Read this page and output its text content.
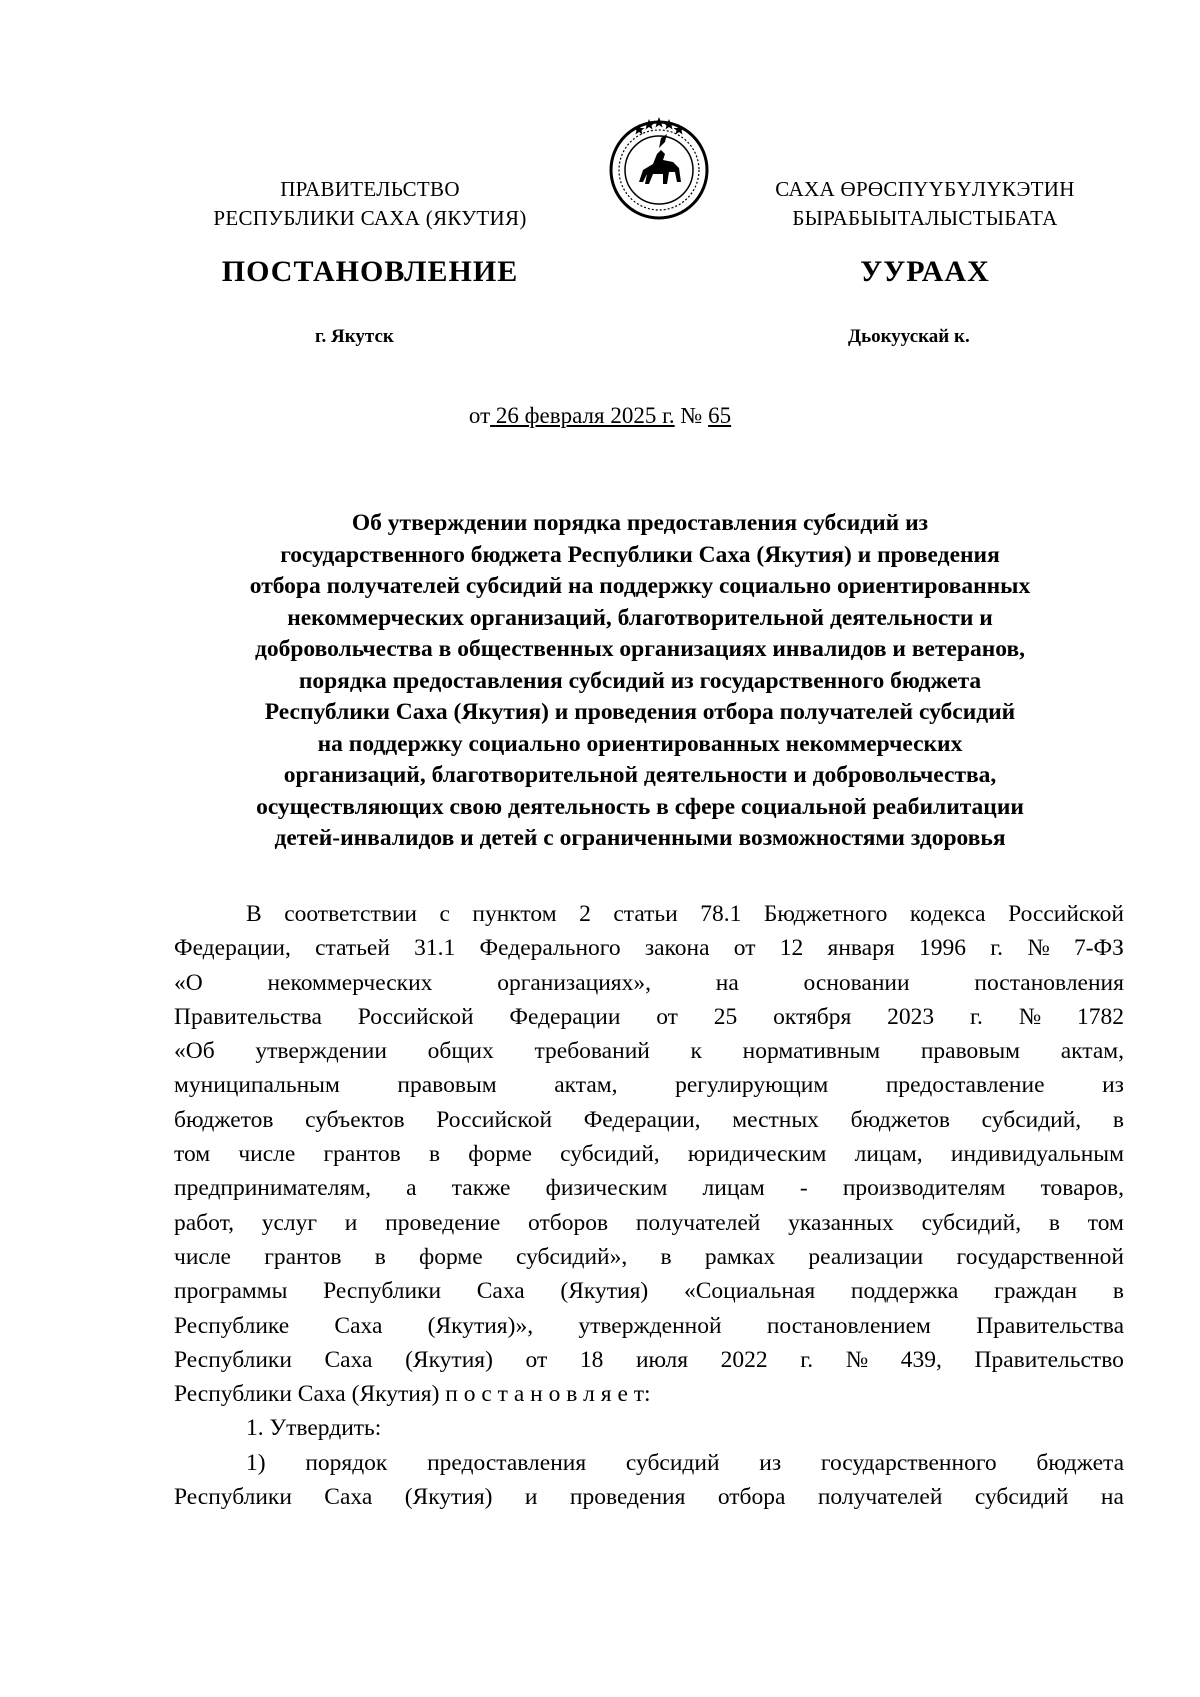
ПРАВИТЕЛЬСТВО
РЕСПУБЛИКИ САХА (ЯКУТИЯ)
САХА ӨРӨСПҮҮБҮЛҮКЭТИН
БЫРАБЫЫТАЛЫСТЫБАТА
ПОСТАНОВЛЕНИЕ	УУРААХ
г. Якутск	Дьокуускай к.
от 26 февраля 2025 г. № 65
Об утверждении порядка предоставления субсидий из
государственного бюджета Республики Саха (Якутия) и проведения
отбора получателей субсидий на поддержку социально ориентированных
некоммерческих организаций, благотворительной деятельности и
добровольчества в общественных организациях инвалидов и ветеранов,
порядка предоставления субсидий из государственного бюджета
Республики Саха (Якутия) и проведения отбора получателей субсидий
на поддержку социально ориентированных некоммерческих
организаций, благотворительной деятельности и добровольчества,
осуществляющих свою деятельность в сфере социальной реабилитации
детей-инвалидов и детей с ограниченными возможностями здоровья
В соответствии с пунктом 2 статьи 78.1 Бюджетного кодекса Российской
Федерации, статьей 31.1 Федерального закона от 12 января 1996 г. № 7-ФЗ
«О	некоммерческих	организациях»,	на	основании	постановления
Правительства Российской Федерации от 25 октября 2023 г. № 1782
«Об утверждении общих требований к нормативным правовым актам,
муниципальным правовым актам, регулирующим предоставление из
бюджетов субъектов Российской Федерации, местных бюджетов субсидий, в
том числе грантов в форме субсидий, юридическим лицам, индивидуальным
предпринимателям, а также физическим лицам - производителям товаров,
работ, услуг и проведение отборов получателей указанных субсидий, в том
числе грантов в форме субсидий», в рамках реализации государственной
программы Республики Саха (Якутия) «Социальная поддержка граждан в
Республике Саха (Якутия)», утвержденной постановлением Правительства
Республики Саха (Якутия) от 18 июля 2022 г. № 439, Правительство
Республики Саха (Якутия) п о с т а н о в л я е т:
1. Утвердить:
1) порядок предоставления субсидий из государственного бюджета
Республики Саха (Якутия) и проведения отбора получателей субсидий на
